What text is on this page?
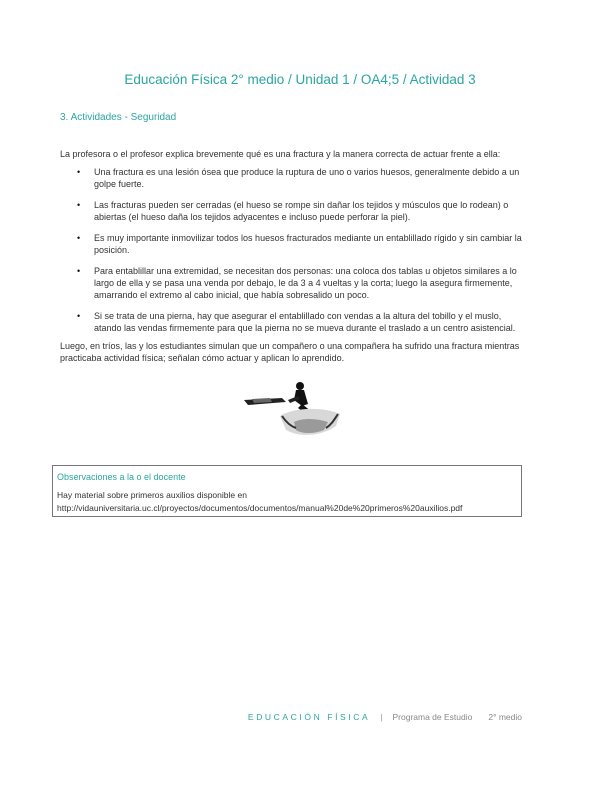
Educación Física 2° medio / Unidad 1 / OA4;5 / Actividad 3
3. Actividades - Seguridad
La profesora o el profesor explica brevemente qué es una fractura y la manera correcta de actuar frente a ella:
• Una fractura es una lesión ósea que produce la ruptura de uno o varios huesos, generalmente debido a un golpe fuerte.
• Las fracturas pueden ser cerradas (el hueso se rompe sin dañar los tejidos y músculos que lo rodean) o abiertas (el hueso daña los tejidos adyacentes e incluso puede perforar la piel).
• Es muy importante inmovilizar todos los huesos fracturados mediante un entablillado rígido y sin cambiar la posición.
• Para entablillar una extremidad, se necesitan dos personas: una coloca dos tablas u objetos similares a lo largo de ella y se pasa una venda por debajo, le da 3 a 4 vueltas y la corta; luego la asegura firmemente, amarrando el extremo al cabo inicial, que había sobresalido un poco.
• Si se trata de una pierna, hay que asegurar el entablillado con vendas a la altura del tobillo y el muslo, atando las vendas firmemente para que la pierna no se mueva durante el traslado a un centro asistencial.
Luego, en tríos, las y los estudiantes simulan que un compañero o una compañera ha sufrido una fractura mientras practicaba actividad física; señalan cómo actuar y aplican lo aprendido.
Observaciones a la o el docente
Hay material sobre primeros auxilios disponible en
http://vidauniversitaria.uc.cl/proyectos/documentos/documentos/manual%20de%20primeros%20auxilios.pdf
EDUCACIÓN FÍSICA | Programa de Estudio 2° medio
